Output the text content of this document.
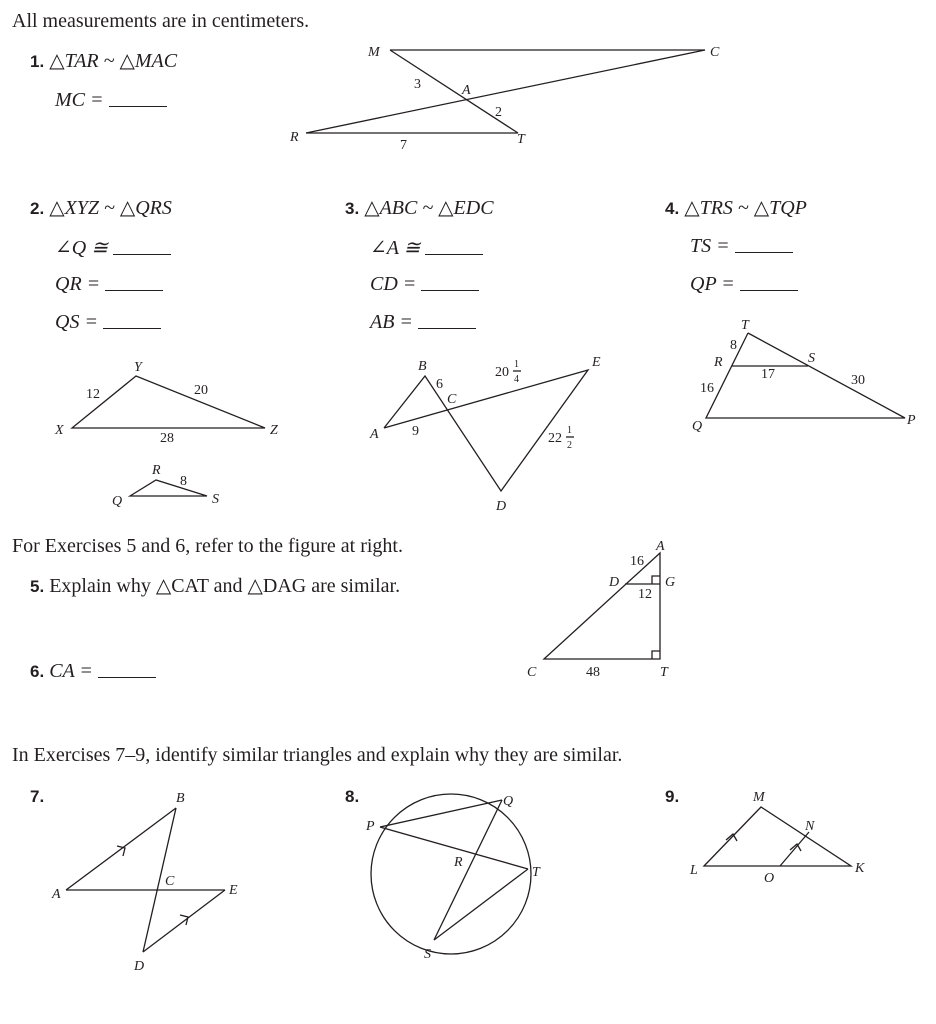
All measurements are in centimeters.
1. △TAR ~ △MAC
MC =
2. △XYZ ~ △QRS
∠Q ≅
QR =
QS =
3. △ABC ~ △EDC
∠A ≅
CD =
AB =
4. △TRS ~ △TQP
TS =
QP =
For Exercises 5 and 6, refer to the figure at right.
5. Explain why △CAT and △DAG are similar.
6. CA =
In Exercises 7–9, identify similar triangles and explain why they are similar.
7.	8.	9.
M	C
A
R	T
3
2
7
Y
X	Z
12	20
28
R
Q	S
8
B
A
C
E
D
6
9
20
1
4
22
1
2
T
R	S
Q	P
8
16
17	30
A
D	G
C	T
16
12
48
B
A
C
E
D
P
Q
R
T
S
M
N
L
O
K
